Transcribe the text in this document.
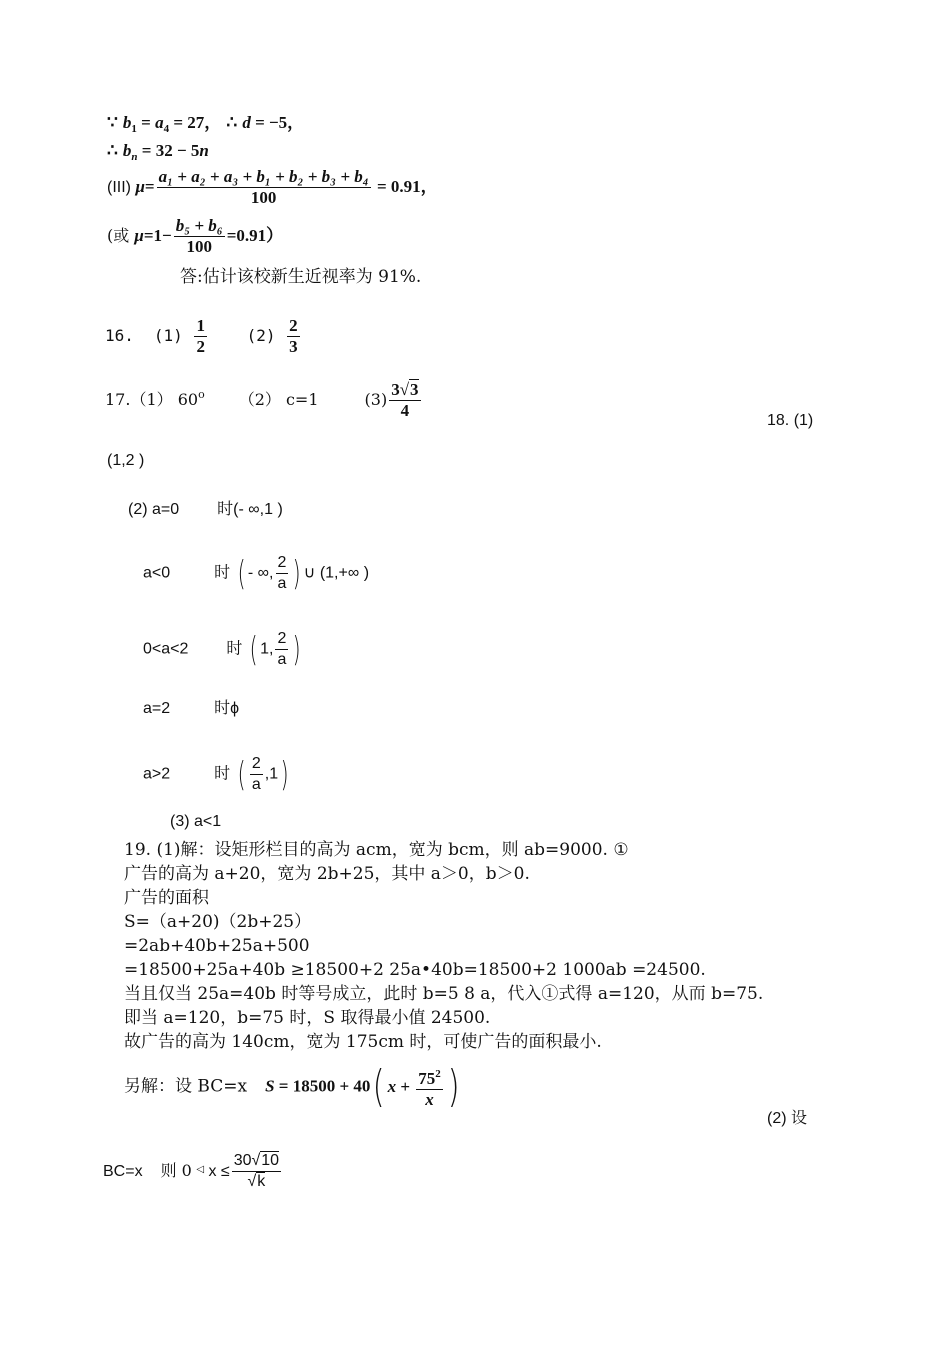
∵ $b_1 = a_4 = 27$， ∴ d = −5，
∴ $b_n = 32 - 5n$
(III) $\mu= \frac{\text{a₁ + a₂ + a₃ + b₁ + b₂ + b₃ + b₄}}{100} = 0.91$，
(或 $\mu=1- \frac{\text{b₅ + b₆}}{100} =0.91$）
答:估计该校新生近视率为 91%.
16. $(1) \frac{1}{2} (2) \frac{2}{3}$
17.（1） 60$^o$ （2） c=1	$(3) \frac{3√3}{4}$	18. (1)
(1,2 )
(2) a=0 时(- ∞,1 )
a<0	时 ( - ∞, $\frac{2}{a}$ ) ∪ (1,+∞ )
0<a<2 时 ( 1, $\frac{2}{a}$ )
a=2	时ϕ
a>2	时 ( $\frac{2}{a} ,1$)
(3) a<1
19. (1)解：设矩形栏目的高为 acm，宽为 bcm，则 ab=9000. ①
广告的高为 a+20，宽为 2b+25，其中 a＞0，b＞0.
广告的面积
S=（a+20)（2b+25）
=2ab+40b+25a+500
=18500+25a+40b ≥18500+2 25a•40b=18500+2 1000ab =24500.
当且仅当 25a=40b 时等号成立，此时 b=5 8 a，代入①式得 a=120，从而 b=75.
即当 a=120，b=75 时，S 取得最小值 24500.
故广告的高为 140cm，宽为 175cm 时，可使广告的面积最小.
另解：设 BC=x S = 18500 + 40( $x + \frac{75^2}{x}$ )
(2) 设
BC=x 则 0 ◁ $x \le \frac{30√10}{√k}$
